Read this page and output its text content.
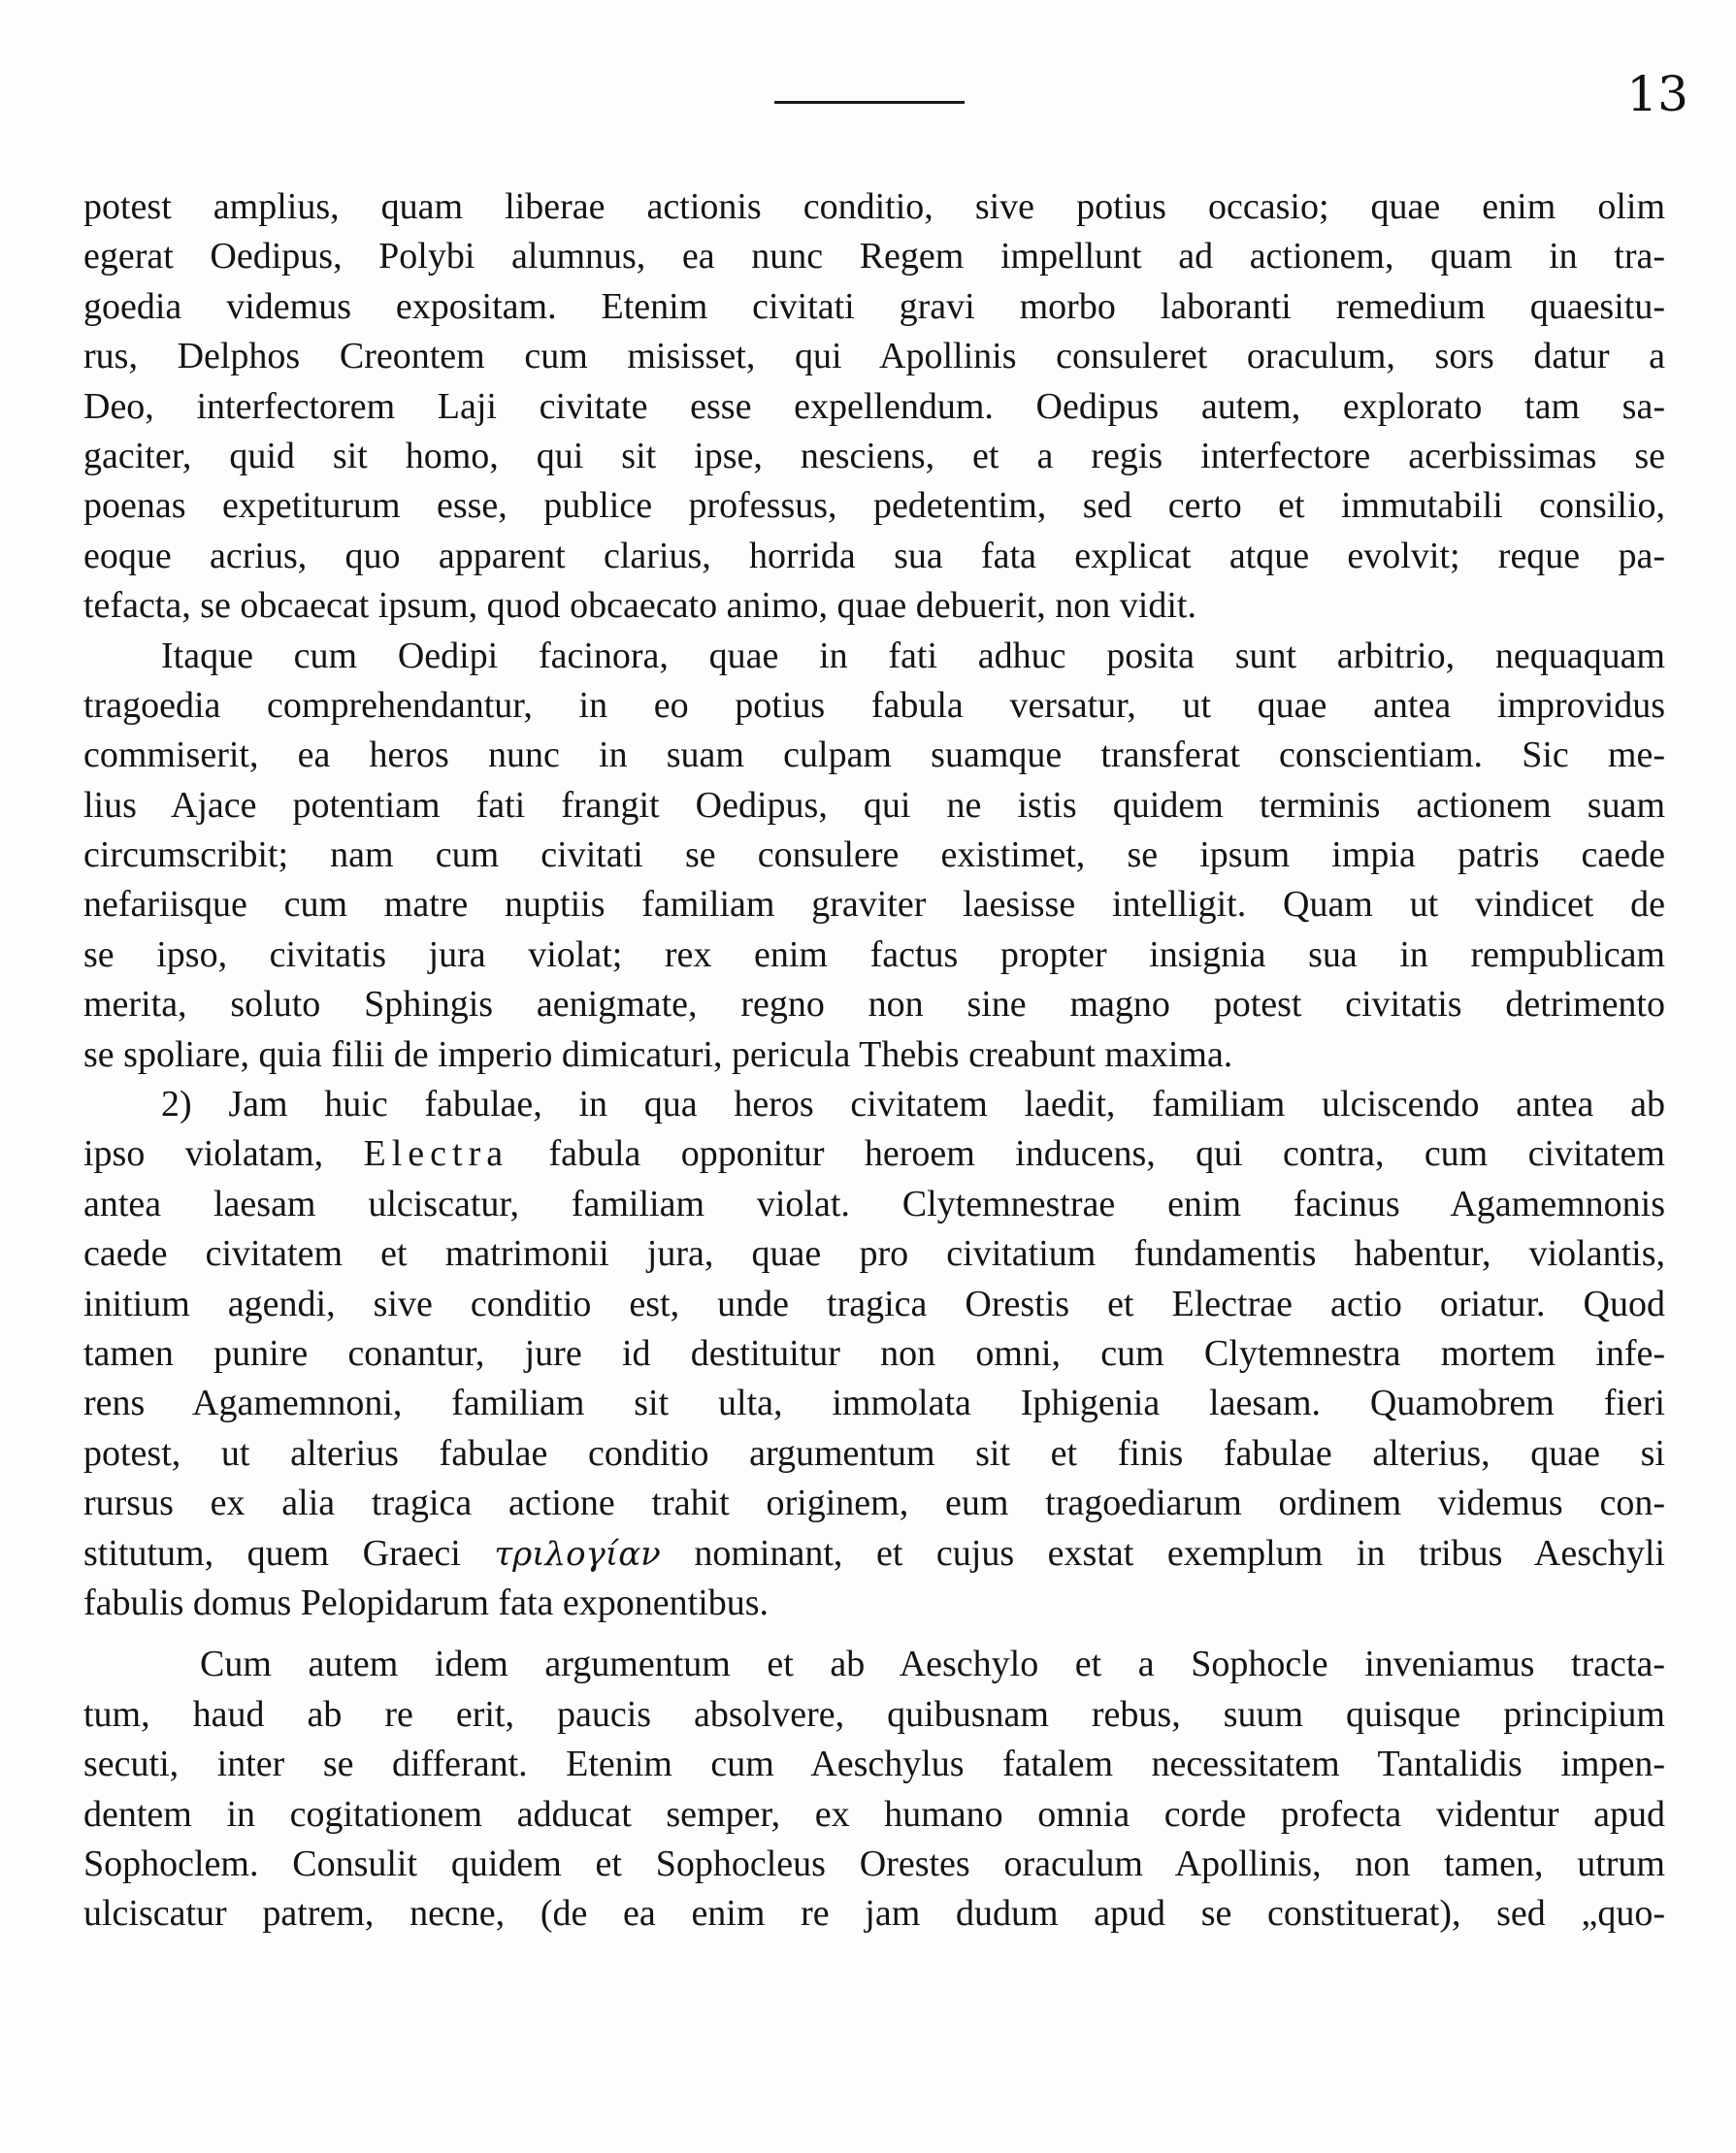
13
potest amplius, quam liberae actionis conditio, sive potius occasio; quae enim olim
egerat Oedipus, Polybi alumnus, ea nunc Regem impellunt ad actionem, quam in tra-
goedia videmus expositam. Etenim civitati gravi morbo laboranti remedium quaesitu-
rus, Delphos Creontem cum misisset, qui Apollinis consuleret oraculum, sors datur a
Deo, interfectorem Laji civitate esse expellendum. Oedipus autem, explorato tam sa-
gaciter, quid sit homo, qui sit ipse, nesciens, et a regis interfectore acerbissimas se
poenas expetiturum esse, publice professus, pedetentim, sed certo et immutabili consilio,
eoque acrius, quo apparent clarius, horrida sua fata explicat atque evolvit; reque pa-
tefacta, se obcaecat ipsum, quod obcaecato animo, quae debuerit, non vidit.
Itaque cum Oedipi facinora, quae in fati adhuc posita sunt arbitrio, nequaquam
tragoedia comprehendantur, in eo potius fabula versatur, ut quae antea improvidus
commiserit, ea heros nunc in suam culpam suamque transferat conscientiam. Sic me-
lius Ajace potentiam fati frangit Oedipus, qui ne istis quidem terminis actionem suam
circumscribit; nam cum civitati se consulere existimet, se ipsum impia patris caede
nefariisque cum matre nuptiis familiam graviter laesisse intelligit. Quam ut vindicet de
se ipso, civitatis jura violat; rex enim factus propter insignia sua in rempublicam
merita, soluto Sphingis aenigmate, regno non sine magno potest civitatis detrimento
se spoliare, quia filii de imperio dimicaturi, pericula Thebis creabunt maxima.
2) Jam huic fabulae, in qua heros civitatem laedit, familiam ulciscendo antea ab
ipso violatam, Electra fabula opponitur heroem inducens, qui contra, cum civitatem
antea laesam ulciscatur, familiam violat. Clytemnestrae enim facinus Agamemnonis
caede civitatem et matrimonii jura, quae pro civitatium fundamentis habentur, violantis,
initium agendi, sive conditio est, unde tragica Orestis et Electrae actio oriatur. Quod
tamen punire conantur, jure id destituitur non omni, cum Clytemnestra mortem infe-
rens Agamemnoni, familiam sit ulta, immolata Iphigenia laesam. Quamobrem fieri
potest, ut alterius fabulae conditio argumentum sit et finis fabulae alterius, quae si
rursus ex alia tragica actione trahit originem, eum tragoediarum ordinem videmus con-
stitutum, quem Graeci τριλογίαν nominant, et cujus exstat exemplum in tribus Aeschyli
fabulis domus Pelopidarum fata exponentibus.
Cum autem idem argumentum et ab Aeschylo et a Sophocle inveniamus tracta-
tum, haud ab re erit, paucis absolvere, quibusnam rebus, suum quisque principium
secuti, inter se differant. Etenim cum Aeschylus fatalem necessitatem Tantalidis impen-
dentem in cogitationem adducat semper, ex humano omnia corde profecta videntur apud
Sophoclem. Consulit quidem et Sophocleus Orestes oraculum Apollinis, non tamen, utrum
ulciscatur patrem, necne, (de ea enim re jam dudum apud se constituerat), sed „quo-
